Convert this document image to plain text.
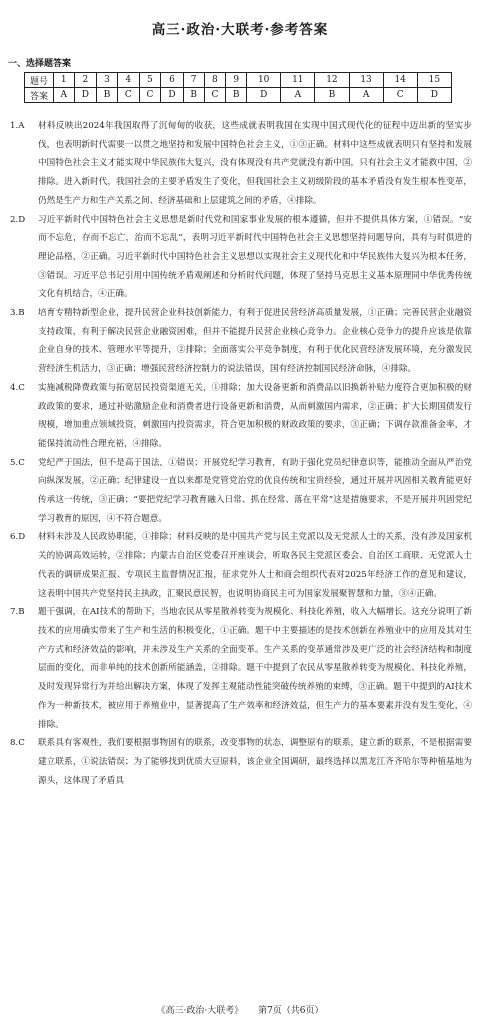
高三·政治·大联考·参考答案
一、选择题答案
题号	1	2	3	4	5	6	7	8	9	10	11	12	13	14	15
答案	A	D	B	C	C	D	B	C	B	D	A	B	A	C	D
1.A	材料反映出2024年我国取得了沉甸甸的收获，这些成就表明我国在实现中国式现代化的征程中迈出新的坚实步伐，也表明新时代需要一以贯之地坚持和发展中国特色社会主义，①③正确。材料中这些成就表明只有坚持和发展中国特色社会主义才能实现中华民族伟大复兴，没有体现没有共产党就没有新中国，只有社会主义才能救中国，②排除。进入新时代，我国社会的主要矛盾发生了变化，但我国社会主义初级阶段的基本矛盾没有发生根本性变革，仍然是生产力和生产关系之间、经济基础和上层建筑之间的矛盾，④排除。
2.D	习近平新时代中国特色社会主义思想是新时代党和国家事业发展的根本遵循，但并不提供具体方案，①错误。“安而不忘危，存而不忘亡，治而不忘乱”，表明习近平新时代中国特色社会主义思想坚持问题导向，具有与时俱进的理论品格，②正确。习近平新时代中国特色社会主义思想以实现社会主义现代化和中华民族伟大复兴为根本任务，③错误。习近平总书记引用中国传统矛盾观阐述和分析时代问题，体现了坚持马克思主义基本原理同中华优秀传统文化有机结合，④正确。
3.B	培育专精特新型企业，提升民营企业科技创新能力，有利于促进民营经济高质量发展，①正确；完善民营企业融资支持政策，有利于解决民营企业融资困难，但并不能提升民营企业核心竞争力。企业核心竞争力的提升应该是依靠企业自身的技术、管理水平等提升，②排除；全面落实公平竞争制度，有利于优化民营经济发展环境，充分激发民营经济生机活力，③正确；增强民营经济控制力的说法错误，国有经济控制国民经济命脉，④排除。
4.C	实施减税降费政策与拓宽居民投资渠道无关，①排除；加大设备更新和消费品以旧换新补贴力度符合更加积极的财政政策的要求，通过补贴激励企业和消费者进行设备更新和消费，从而刺激国内需求，②正确；扩大长期国债发行规模，增加重点领域投资，刺激国内投资需求，符合更加积极的财政政策的要求，③正确；下调存款准备金率，才能保持流动性合理充裕，④排除。
5.C	党纪严于国法，但不是高于国法，①错误；开展党纪学习教育，有助于强化党员纪律意识等，能推动全面从严治党向纵深发展，②正确；纪律建设一直以来都是党管党治党的优良传统和宝贵经验，通过开展并巩固相关教育能更好传承这一传统，③正确；“要把党纪学习教育融入日常、抓在经常、落在平常”这是措施要求，不是开展并巩固党纪学习教育的原因，④不符合题意。
6.D	材料未涉及人民政协职能，①排除；材料反映的是中国共产党与民主党派以及无党派人士的关系，没有涉及国家机关的协调高效运转，②排除；内蒙古自治区党委召开座谈会，听取各民主党派区委会、自治区工商联、无党派人士代表的调研成果汇报、专项民主监督情况汇报，征求党外人士和商会组织代表对2025年经济工作的意见和建议，这表明中国共产党坚持民主执政，汇聚民意民智，也说明协商民主可为国家发展聚智慧和力量，③④正确。
7.B	题干强调，在AI技术的帮助下，当地农民从零星散养转变为规模化、科技化养殖，收入大幅增长。这充分说明了新技术的应用确实带来了生产和生活的积极变化，①正确。题干中主要描述的是技术创新在养殖业中的应用及其对生产方式和经济效益的影响，并未涉及生产关系的全面变革。生产关系的变革通常涉及更广泛的社会经济结构和制度层面的变化，而非单纯的技术创新所能涵盖，②排除。题干中提到了农民从零星散养转变为规模化、科技化养殖，及时发现异常行为并给出解决方案，体现了发挥主观能动性能突破传统养殖的束缚，③正确。题干中提到的AI技术作为一种新技术，被应用于养殖业中，显著提高了生产效率和经济效益，但生产力的基本要素并没有发生变化，④排除。
8.C	联系具有客观性，我们要根据事物固有的联系，改变事物的状态，调整原有的联系，建立新的联系，不是根据需要建立联系，①说法错误；为了能够找到优质大豆原料，该企业全国调研，最终选择以黑龙江齐齐哈尔等种植基地为源头，这体现了矛盾具
《高三·政治·大联考》 第7页（共6页）
